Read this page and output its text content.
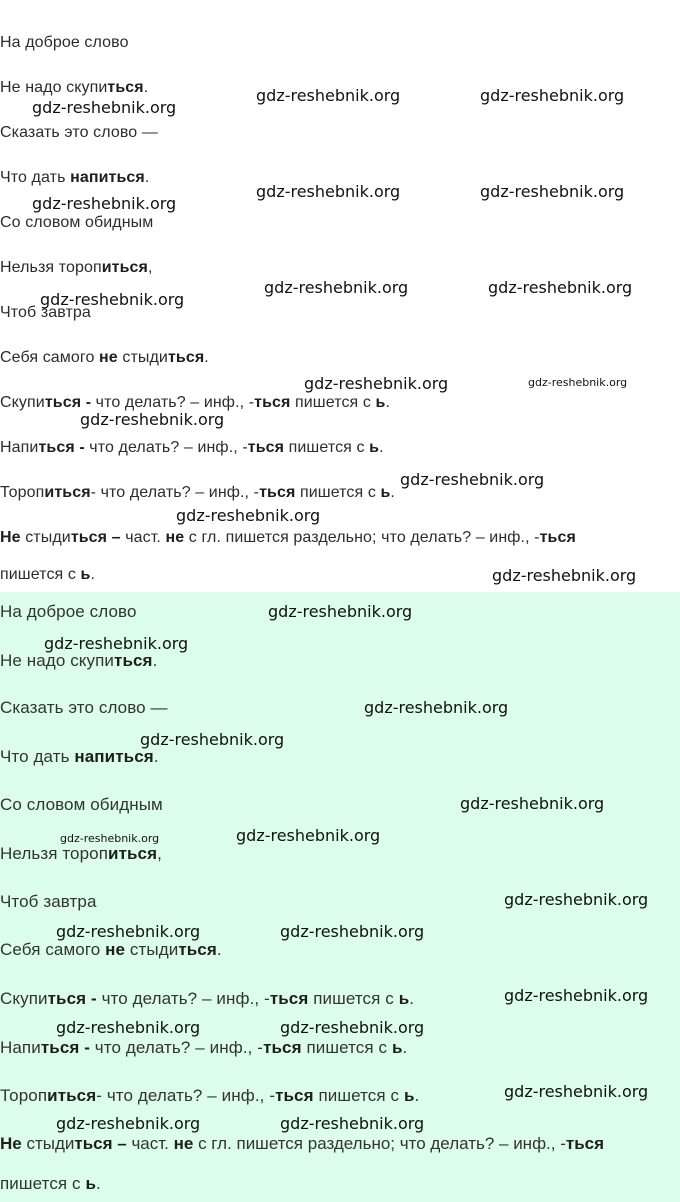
На доброе слово
Не надо скупиться.
Сказать это слово —
Что дать напиться.
Со словом обидным
Нельзя торопиться,
Чтоб завтра
Себя самого не стыдиться.
Скупиться - что делать? – инф., -ться пишется с ь.
Напиться - что делать? – инф., -ться пишется с ь.
Торопиться- что делать? – инф., -ться пишется с ь.
Не стыдиться – част. не с гл. пишется раздельно; что делать? – инф., -ться
пишется с ь.
gdz-reshebnik.org
gdz-reshebnik.org	gdz-reshebnik.org
gdz-reshebnik.org
gdz-reshebnik.org	gdz-reshebnik.org
gdz-reshebnik.org
gdz-reshebnik.org	gdz-reshebnik.org
gdz-reshebnik.org	gdz-reshebnik.org
gdz-reshebnik.org
gdz-reshebnik.org
gdz-reshebnik.org
gdz-reshebnik.org
На доброе слово
Не надо скупиться.
Сказать это слово —
Что дать напиться.
Со словом обидным
Нельзя торопиться,
Чтоб завтра
Себя самого не стыдиться.
Скупиться - что делать? – инф., -ться пишется с ь.
Напиться - что делать? – инф., -ться пишется с ь.
Торопиться- что делать? – инф., -ться пишется с ь.
Не стыдиться – част. не с гл. пишется раздельно; что делать? – инф., -ться
пишется с ь.
gdz-reshebnik.org
gdz-reshebnik.org
gdz-reshebnik.org
gdz-reshebnik.org
gdz-reshebnik.org
gdz-reshebnik.org	gdz-reshebnik.org
gdz-reshebnik.org
gdz-reshebnik.org	gdz-reshebnik.org
gdz-reshebnik.org
gdz-reshebnik.org	gdz-reshebnik.org
gdz-reshebnik.org
gdz-reshebnik.org	gdz-reshebnik.org
